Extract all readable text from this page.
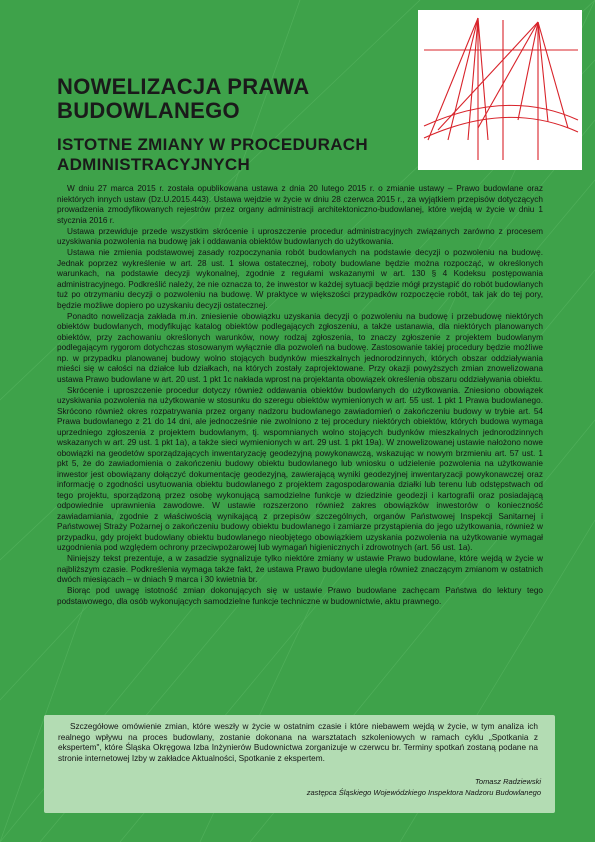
NOWELIZACJA PRAWA BUDOWLANEGO
ISTOTNE ZMIANY W PROCEDURACH ADMINISTRACYJNYCH

W dniu 27 marca 2015 r. została opublikowana ustawa z dnia 20 lutego 2015 r. o zmianie ustawy – Prawo budowlane oraz niektórych innych ustaw (Dz.U.2015.443). Ustawa wejdzie w życie w dniu 28 czerwca 2015 r., za wyjątkiem przepisów dotyczących prowadzenia zmodyfikowanych rejestrów przez organy administracji architektoniczno-budowlanej, które wejdą w życie w dniu 1 stycznia 2016 r.

Ustawa przewiduje przede wszystkim skrócenie i uproszczenie procedur administracyjnych związanych zarówno z procesem uzyskiwania pozwolenia na budowę jak i oddawania obiektów budowlanych do użytkowania.

Ustawa nie zmienia podstawowej zasady rozpoczynania robót budowlanych na podstawie decyzji o pozwoleniu na budowę. Jednak poprzez wykreślenie w art. 28 ust. 1 słowa ostatecznej, roboty budowlane będzie można rozpocząć, w określonych warunkach, na podstawie decyzji wykonalnej, zgodnie z regułami wskazanymi w art. 130 § 4 Kodeksu postępowania administracyjnego. Podkreślić należy, że nie oznacza to, że inwestor w każdej sytuacji będzie mógł przystąpić do robót budowlanych tuż po otrzymaniu decyzji o pozwoleniu na budowę. W praktyce w większości przypadków rozpoczęcie robót, tak jak do tej pory, będzie możliwe dopiero po uzyskaniu decyzji ostatecznej.

Ponadto nowelizacja zakłada m.in. zniesienie obowiązku uzyskania decyzji o pozwoleniu na budowę i przebudowę niektórych obiektów budowlanych, modyfikując katalog obiektów podlegających zgłoszeniu, a także ustanawia, dla niektórych planowanych obiektów, przy zachowaniu określonych warunków, nowy rodzaj zgłoszenia, to znaczy zgłoszenie z projektem budowlanym podlegającym rygorom dotychczas stosowanym wyłącznie dla pozwoleń na budowę. Zastosowanie takiej procedury będzie możliwe np. w przypadku planowanej budowy wolno stojących budynków mieszkalnych jednorodzinnych, których obszar oddziaływania mieści się w całości na działce lub działkach, na których zostały zaprojektowane. Przy okazji powyższych zmian znowelizowana ustawa Prawo budowlane w art. 20 ust. 1 pkt 1c nakłada wprost na projektanta obowiązek określenia obszaru oddziaływania obiektu.

Skrócenie i uproszczenie procedur dotyczy również oddawania obiektów budowlanych do użytkowania. Zniesiono obowiązek uzyskiwania pozwolenia na użytkowanie w stosunku do szeregu obiektów wymienionych w art. 55 ust. 1 pkt 1 Prawa budowlanego. Skrócono również okres rozpatrywania przez organy nadzoru budowlanego zawiadomień o zakończeniu budowy w trybie art. 54 Prawa budowlanego z 21 do 14 dni, ale jednocześnie nie zwolniono z tej procedury niektórych obiektów, których budowa wymaga uprzedniego zgłoszenia z projektem budowlanym, tj. wspomnianych wolno stojących budynków mieszkalnych jednorodzinnych wskazanych w art. 29 ust. 1 pkt 1a), a także sieci wymienionych w art. 29 ust. 1 pkt 19a). W znowelizowanej ustawie nałożono nowe obowiązki na geodetów sporządzających inwentaryzację geodezyjną powykonawczą, wskazując w nowym brzmieniu art. 57 ust. 1 pkt 5, że do zawiadomienia o zakończeniu budowy obiektu budowlanego lub wniosku o udzielenie pozwolenia na użytkowanie inwestor jest obowiązany dołączyć dokumentację geodezyjną, zawierającą wyniki geodezyjnej inwentaryzacji powykonawczej oraz informację o zgodności usytuowania obiektu budowlanego z projektem zagospodarowania działki lub terenu lub odstępstwach od tego projektu, sporządzoną przez osobę wykonującą samodzielne funkcje w dziedzinie geodezji i kartografii oraz posiadającą odpowiednie uprawnienia zawodowe. W ustawie rozszerzono również zakres obowiązków inwestorów o konieczność zawiadamiania, zgodnie z właściwością wynikającą z przepisów szczególnych, organów Państwowej Inspekcji Sanitarnej i Państwowej Straży Pożarnej o zakończeniu budowy obiektu budowlanego i zamiarze przystąpienia do jego użytkowania, również w przypadku, gdy projekt budowlany obiektu budowlanego nieobjętego obowiązkiem uzyskania pozwolenia na użytkowanie wymagał uzgodnienia pod względem ochrony przeciwpożarowej lub wymagań higienicznych i zdrowotnych (art. 56 ust. 1a).

Niniejszy tekst prezentuje, a w zasadzie sygnalizuje tylko niektóre zmiany w ustawie Prawo budowlane, które wejdą w życie w najbliższym czasie. Podkreślenia wymaga także fakt, że ustawa Prawo budowlane uległa również znaczącym zmianom w ostatnich dwóch miesiącach – w dniach 9 marca i 30 kwietnia br.

Biorąc pod uwagę istotność zmian dokonujących się w ustawie Prawo budowlane zachęcam Państwa do lektury tego podstawowego, dla osób wykonujących samodzielne funkcje techniczne w budownictwie, aktu prawnego.

Szczegółowe omówienie zmian, które weszły w życie w ostatnim czasie i które niebawem wejdą w życie, w tym analiza ich realnego wpływu na proces budowlany, zostanie dokonana na warsztatach szkoleniowych w ramach cyklu „Spotkania z ekspertem", które Śląska Okręgowa Izba Inżynierów Budownictwa zorganizuje w czerwcu br. Terminy spotkań zostaną podane na stronie internetowej Izby w zakładce Aktualności, Spotkanie z ekspertem.
Tomasz Radziewski
zastępca Śląskiego Wojewódzkiego Inspektora Nadzoru Budowlanego
